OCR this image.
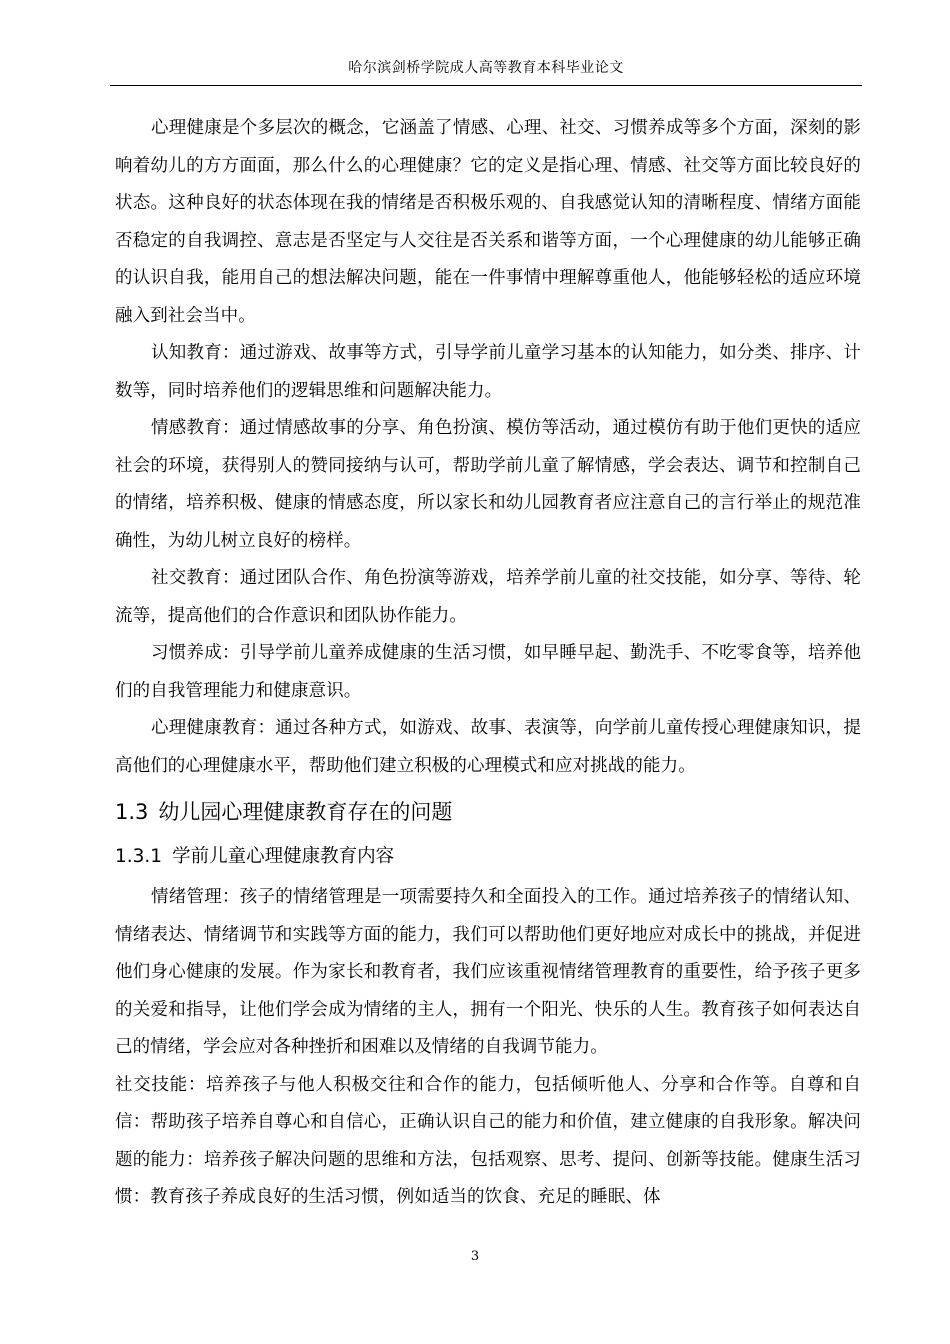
哈尔滨剑桥学院成人高等教育本科毕业论文

心理健康是个多层次的概念，它涵盖了情感、心理、社交、习惯养成等多个方面，深刻的影响着幼儿的方方面面，那么什么的心理健康？它的定义是指心理、情感、社交等方面比较良好的状态。这种良好的状态体现在我的情绪是否积极乐观的、自我感觉认知的清晰程度、情绪方面能否稳定的自我调控、意志是否坚定与人交往是否关系和谐等方面，一个心理健康的幼儿能够正确的认识自我，能用自己的想法解决问题，能在一件事情中理解尊重他人，他能够轻松的适应环境融入到社会当中。

认知教育：通过游戏、故事等方式，引导学前儿童学习基本的认知能力，如分类、排序、计数等，同时培养他们的逻辑思维和问题解决能力。

情感教育：通过情感故事的分享、角色扮演、模仿等活动，通过模仿有助于他们更快的适应社会的环境，获得别人的赞同接纳与认可，帮助学前儿童了解情感，学会表达、调节和控制自己的情绪，培养积极、健康的情感态度，所以家长和幼儿园教育者应注意自己的言行举止的规范准确性，为幼儿树立良好的榜样。

社交教育：通过团队合作、角色扮演等游戏，培养学前儿童的社交技能，如分享、等待、轮流等，提高他们的合作意识和团队协作能力。

习惯养成：引导学前儿童养成健康的生活习惯，如早睡早起、勤洗手、不吃零食等，培养他们的自我管理能力和健康意识。

心理健康教育：通过各种方式，如游戏、故事、表演等，向学前儿童传授心理健康知识，提高他们的心理健康水平，帮助他们建立积极的心理模式和应对挑战的能力。

1.3 幼儿园心理健康教育存在的问题
1.3.1 学前儿童心理健康教育内容

情绪管理：孩子的情绪管理是一项需要持久和全面投入的工作。通过培养孩子的情绪认知、情绪表达、情绪调节和实践等方面的能力，我们可以帮助他们更好地应对成长中的挑战，并促进他们身心健康的发展。作为家长和教育者，我们应该重视情绪管理教育的重要性，给予孩子更多的关爱和指导，让他们学会成为情绪的主人，拥有一个阳光、快乐的人生。教育孩子如何表达自己的情绪，学会应对各种挫折和困难以及情绪的自我调节能力。

社交技能：培养孩子与他人积极交往和合作的能力，包括倾听他人、分享和合作等。自尊和自信：帮助孩子培养自尊心和自信心，正确认识自己的能力和价值，建立健康的自我形象。解决问题的能力：培养孩子解决问题的思维和方法，包括观察、思考、提问、创新等技能。健康生活习惯：教育孩子养成良好的生活习惯，例如适当的饮食、充足的睡眠、体

3
